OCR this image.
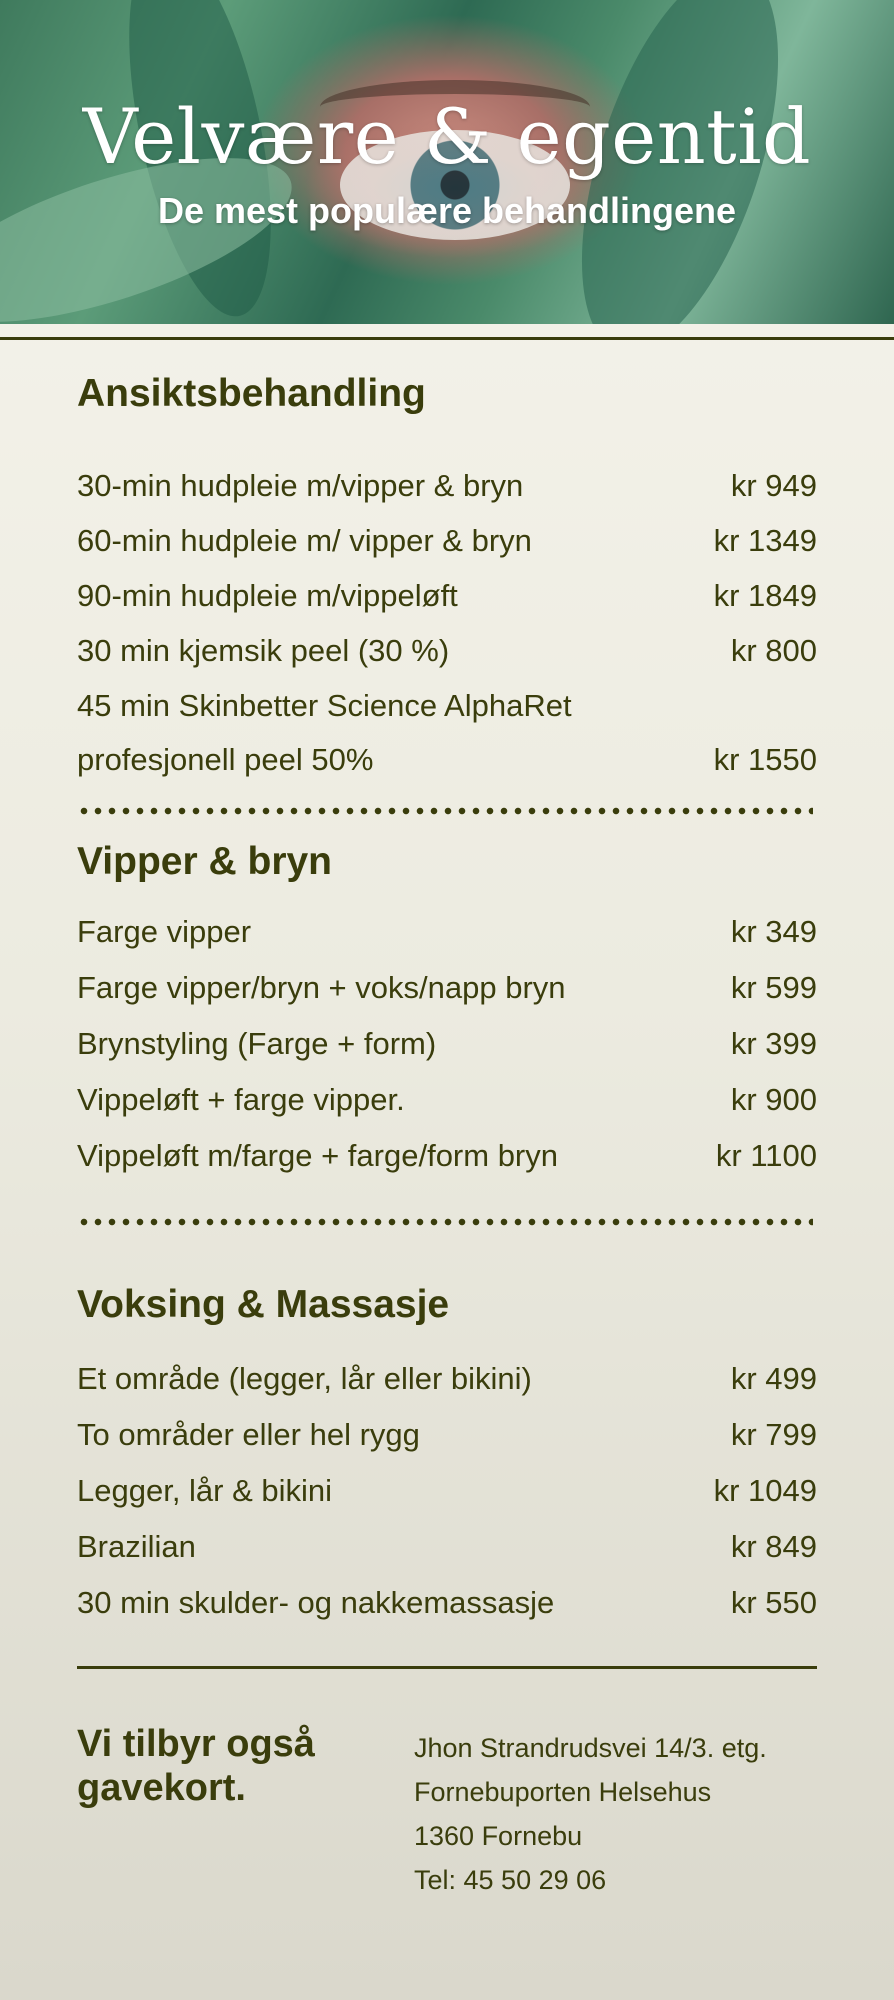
Velvære & egentid
De mest populære behandlingene
Ansiktsbehandling
30-min hudpleie m/vipper & bryn	kr 949
60-min hudpleie m/ vipper & bryn	kr 1349
90-min hudpleie m/vippeløft	kr 1849
30 min kjemsik peel (30 %)	kr 800
45 min Skinbetter Science AlphaRet
profesjonell peel 50%	kr 1550
Vipper & bryn
Farge vipper	kr 349
Farge vipper/bryn + voks/napp bryn	kr 599
Brynstyling (Farge + form)	kr 399
Vippeløft + farge vipper.	kr 900
Vippeløft m/farge + farge/form bryn	kr 1100
Voksing & Massasje
Et område (legger, lår eller bikini)	kr 499
To områder eller hel rygg	kr 799
Legger, lår & bikini	kr 1049
Brazilian	kr 849
30 min skulder- og nakkemassasje	kr 550
Vi tilbyr også
gavekort.
Jhon Strandrudsvei 14/3. etg.
Fornebuporten Helsehus
1360 Fornebu
Tel: 45 50 29 06
